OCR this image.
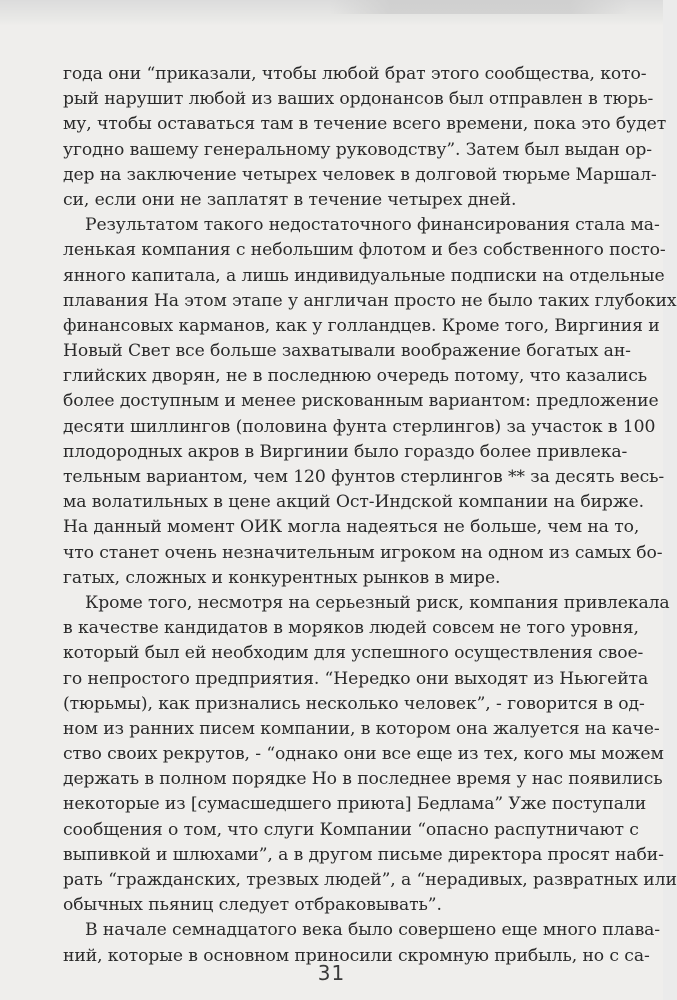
года они “приказали, чтобы любой брат этого сообщества, кото-
рый нарушит любой из ваших ордонансов был отправлен в тюрь-
му, чтобы оставаться там в течение всего времени, пока это будет
угодно вашему генеральному руководству”. Затем был выдан ор-
дер на заключение четырех человек в долговой тюрьме Маршал-
си, если они не заплатят в течение четырех дней.
Результатом такого недостаточного финансирования стала ма-
ленькая компания с небольшим флотом и без собственного посто-
янного капитала, а лишь индивидуальные подписки на отдельные
плавания На этом этапе у англичан просто не было таких глубоких
финансовых карманов, как у голландцев. Кроме того, Виргиния и
Новый Свет все больше захватывали воображение богатых ан-
глийских дворян, не в последнюю очередь потому, что казались
более доступным и менее рискованным вариантом: предложение
десяти шиллингов (половина фунта стерлингов) за участок в 100
плодородных акров в Виргинии было гораздо более привлека-
тельным вариантом, чем 120 фунтов стерлингов ** за десять весь-
ма волатильных в цене акций Ост-Индской компании на бирже.
На данный момент ОИК могла надеяться не больше, чем на то,
что станет очень незначительным игроком на одном из самых бо-
гатых, сложных и конкурентных рынков в мире.
Кроме того, несмотря на серьезный риск, компания привлекала
в качестве кандидатов в моряков людей совсем не того уровня,
который был ей необходим для успешного осуществления свое-
го непростого предприятия. “Нередко они выходят из Ньюгейта
(тюрьмы), как признались несколько человек”, - говорится в од-
ном из ранних писем компании, в котором она жалуется на каче-
ство своих рекрутов, - “однако они все еще из тех, кого мы можем
держать в полном порядке Но в последнее время у нас появились
некоторые из [сумасшедшего приюта] Бедлама” Уже поступали
сообщения о том, что слуги Компании “опасно распутничают с
выпивкой и шлюхами”, а в другом письме директора просят наби-
рать “гражданских, трезвых людей”, а “нерадивых, развратных или
обычных пьяниц следует отбраковывать”.
В начале семнадцатого века было совершено еще много плава-
ний, которые в основном приносили скромную прибыль, но с са-
31
